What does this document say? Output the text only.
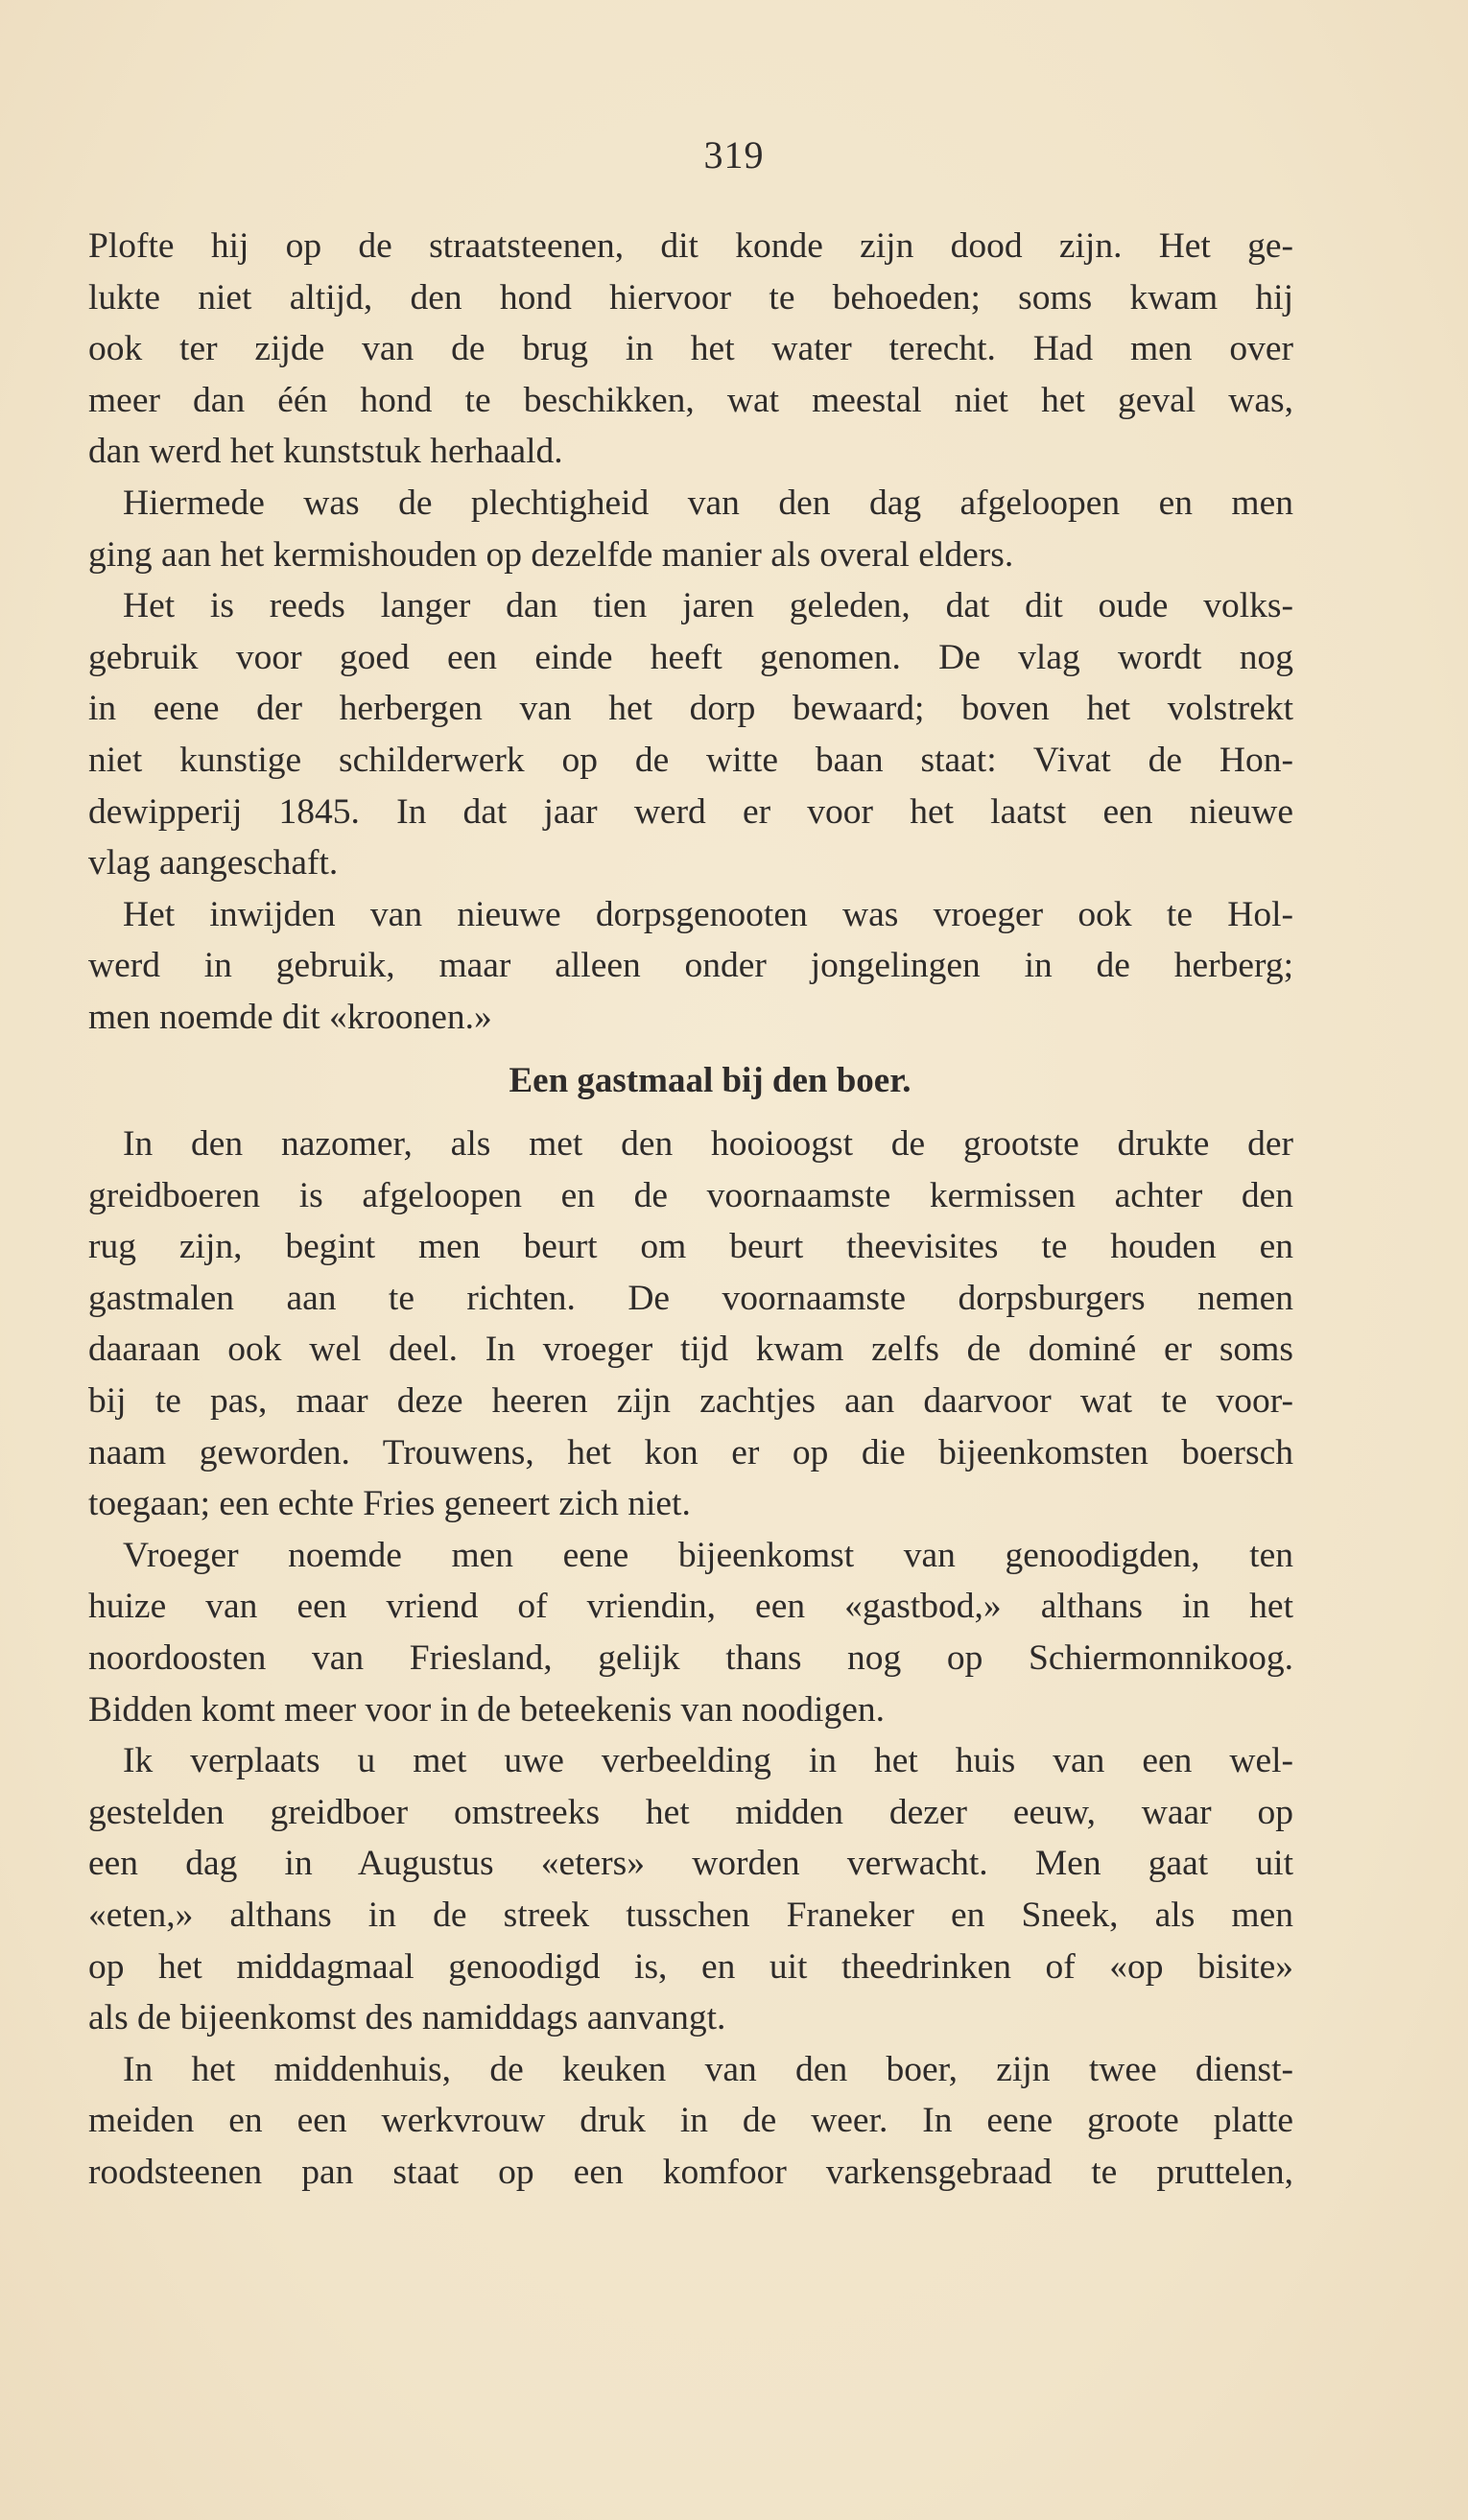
319
Plofte hij op de straatsteenen, dit konde zijn dood zijn. Het ge-
lukte niet altijd, den hond hiervoor te behoeden; soms kwam hij
ook ter zijde van de brug in het water terecht. Had men over
meer dan één hond te beschikken, wat meestal niet het geval was,
dan werd het kunststuk herhaald.
Hiermede was de plechtigheid van den dag afgeloopen en men
ging aan het kermishouden op dezelfde manier als overal elders.
Het is reeds langer dan tien jaren geleden, dat dit oude volks-
gebruik voor goed een einde heeft genomen. De vlag wordt nog
in eene der herbergen van het dorp bewaard; boven het volstrekt
niet kunstige schilderwerk op de witte baan staat: Vivat de Hon-
dewipperij 1845. In dat jaar werd er voor het laatst een nieuwe
vlag aangeschaft.
Het inwijden van nieuwe dorpsgenooten was vroeger ook te Hol-
werd in gebruik, maar alleen onder jongelingen in de herberg;
men noemde dit «kroonen.»
Een gastmaal bij den boer.
In den nazomer, als met den hooioogst de grootste drukte der
greidboeren is afgeloopen en de voornaamste kermissen achter den
rug zijn, begint men beurt om beurt theevisites te houden en
gastmalen aan te richten. De voornaamste dorpsburgers nemen
daaraan ook wel deel. In vroeger tijd kwam zelfs de dominé er soms
bij te pas, maar deze heeren zijn zachtjes aan daarvoor wat te voor-
naam geworden. Trouwens, het kon er op die bijeenkomsten boersch
toegaan; een echte Fries geneert zich niet.
Vroeger noemde men eene bijeenkomst van genoodigden, ten
huize van een vriend of vriendin, een «gastbod,» althans in het
noordoosten van Friesland, gelijk thans nog op Schiermonnikoog.
Bidden komt meer voor in de beteekenis van noodigen.
Ik verplaats u met uwe verbeelding in het huis van een wel-
gestelden greidboer omstreeks het midden dezer eeuw, waar op
een dag in Augustus «eters» worden verwacht. Men gaat uit
«eten,» althans in de streek tusschen Franeker en Sneek, als men
op het middagmaal genoodigd is, en uit theedrinken of «op bisite»
als de bijeenkomst des namiddags aanvangt.
In het middenhuis, de keuken van den boer, zijn twee dienst-
meiden en een werkvrouw druk in de weer. In eene groote platte
roodsteenen pan staat op een komfoor varkensgebraad te pruttelen,
